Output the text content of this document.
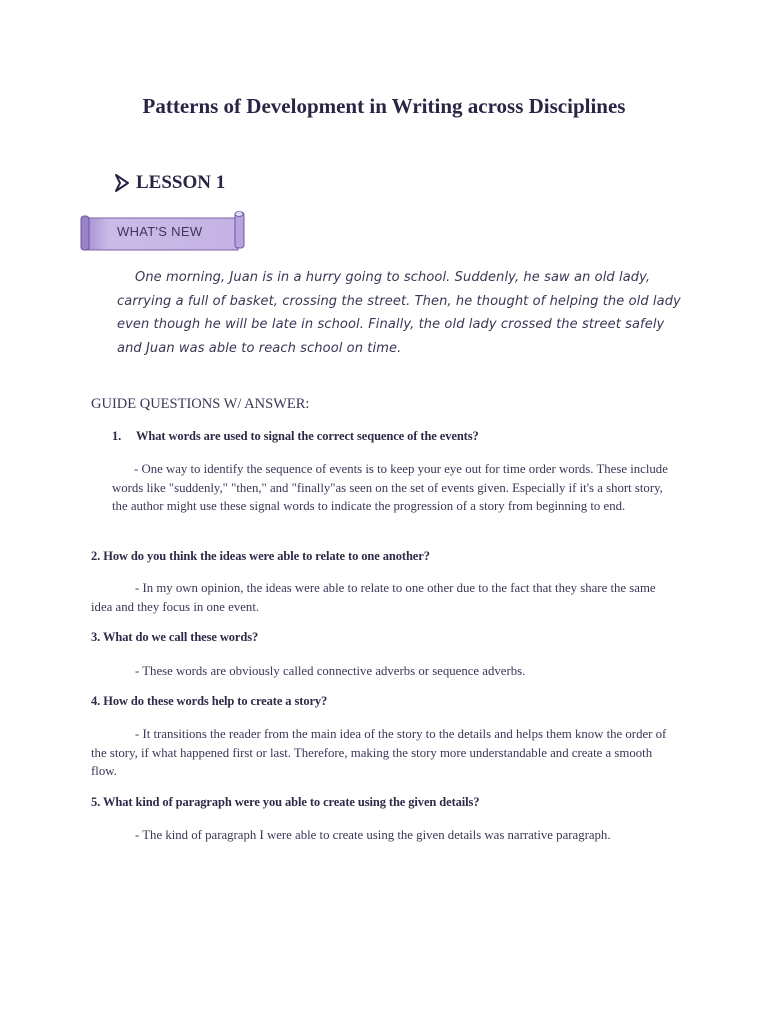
Patterns of Development in Writing across Disciplines
LESSON 1
WHAT'S NEW

One morning, Juan is in a hurry going to school. Suddenly, he saw an old lady, carrying a full of basket, crossing the street. Then, he thought of helping the old lady even though he will be late in school. Finally, the old lady crossed the street safely and Juan was able to reach school on time.

GUIDE QUESTIONS W/ ANSWER:

1. What words are used to signal the correct sequence of the events?

- One way to identify the sequence of events is to keep your eye out for time order words. These include words like "suddenly," "then," and "finally"as seen on the set of events given. Especially if it's a short story, the author might use these signal words to indicate the progression of a story from beginning to end.

2. How do you think the ideas were able to relate to one another?

- In my own opinion, the ideas were able to relate to one other due to the fact that they share the same idea and they focus in one event.

3. What do we call these words?

- These words are obviously called connective adverbs or sequence adverbs.

4. How do these words help to create a story?

- It transitions the reader from the main idea of the story to the details and helps them know the order of the story, if what happened first or last. Therefore, making the story more understandable and create a smooth flow.

5. What kind of paragraph were you able to create using the given details?

- The kind of paragraph I were able to create using the given details was narrative paragraph.
